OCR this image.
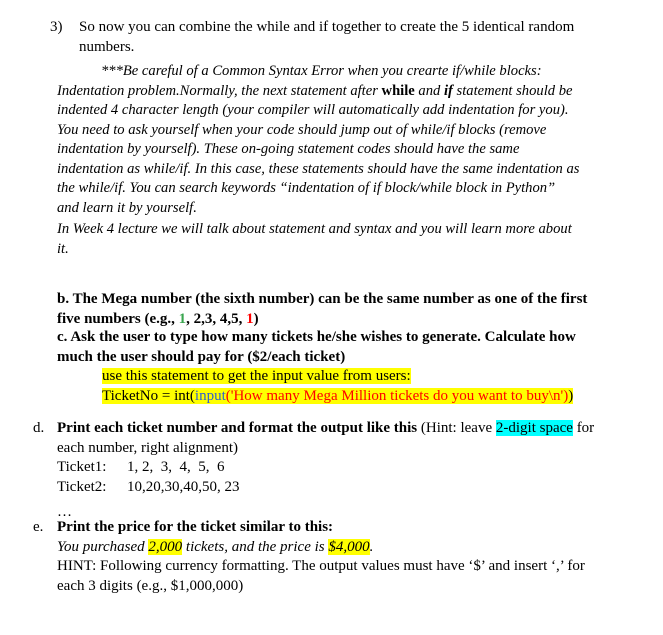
3) So now you can combine the while and if together to create the 5 identical random
numbers.
***Be careful of a Common Syntax Error when you crearte if/while blocks:
Indentation problem.Normally, the next statement after while and if statement should be
indented 4 character length (your compiler will automatically add indentation for you).
You need to ask yourself when your code should jump out of while/if blocks (remove
indentation by yourself). These on-going statement codes should have the same
indentation as while/if. In this case, these statements should have the same indentation as
the while/if. You can search keywords “indentation of if block/while block in Python”
and learn it by yourself.
In Week 4 lecture we will talk about statement and syntax and you will learn more about
it.
b. The Mega number (the sixth number) can be the same number as one of the first
five numbers (e.g., 1, 2,3, 4,5, 1)
c. Ask the user to type how many tickets he/she wishes to generate. Calculate how
much the user should pay for ($2/each ticket)
use this statement to get the input value from users:
TicketNo = int(input('How many Mega Million tickets do you want to buy\n'))
d. Print each ticket number and format the output like this (Hint: leave 2-digit space for
each number, right alignment)
Ticket1:	1, 2,  3,  4,  5,  6
Ticket2:	10,20,30,40,50, 23
…
e. Print the price for the ticket similar to this:
You purchased 2,000 tickets, and the price is $4,000.
HINT: Following currency formatting. The output values must have ‘$’ and insert ‘,’ for
each 3 digits (e.g., $1,000,000)
